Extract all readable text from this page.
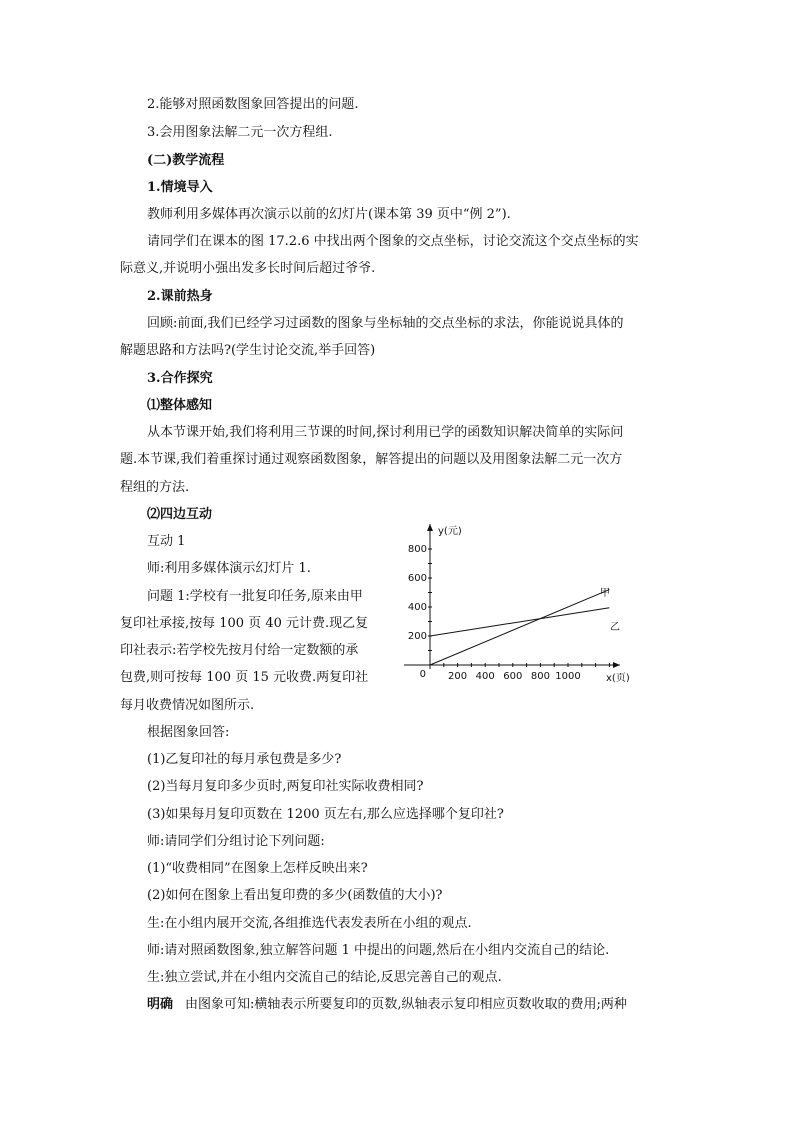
2.能够对照函数图象回答提出的问题.
3.会用图象法解二元一次方程组.
(二)教学流程
1.情境导入
教师利用多媒体再次演示以前的幻灯片(课本第 39 页中“例 2”).
请同学们在课本的图 17.2.6 中找出两个图象的交点坐标，讨论交流这个交点坐标的实
际意义,并说明小强出发多长时间后超过爷爷.
2.课前热身
回顾:前面,我们已经学习过函数的图象与坐标轴的交点坐标的求法，你能说说具体的
解题思路和方法吗?(学生讨论交流,举手回答)
3.合作探究
⑴整体感知
从本节课开始,我们将利用三节课的时间,探讨利用已学的函数知识解决简单的实际问
题.本节课,我们着重探讨通过观察函数图象，解答提出的问题以及用图象法解二元一次方
程组的方法.
⑵四边互动
互动 1
师:利用多媒体演示幻灯片 1.
问题 1:学校有一批复印任务,原来由甲
复印社承接,按每 100 页 40 元计费.现乙复
印社表示:若学校先按月付给一定数额的承
包费,则可按每 100 页 15 元收费.两复印社
每月收费情况如图所示.
根据图象回答:
(1)乙复印社的每月承包费是多少?
(2)当每月复印多少页时,两复印社实际收费相同?
(3)如果每月复印页数在 1200 页左右,那么应选择哪个复印社?
师:请同学们分组讨论下列问题:
(1)“收费相同”在图象上怎样反映出来?
(2)如何在图象上看出复印费的多少(函数值的大小)?
生:在小组内展开交流,各组推选代表发表所在小组的观点.
师:请对照函数图象,独立解答问题 1 中提出的问题,然后在小组内交流自己的结论.
生:独立尝试,并在小组内交流自己的结论,反思完善自己的观点.
明确 由图象可知:横轴表示所要复印的页数,纵轴表示复印相应页数收取的费用;两种
200 400 600 800 1000
800
600
400
200
0	x(页)
y(元)
甲
乙
